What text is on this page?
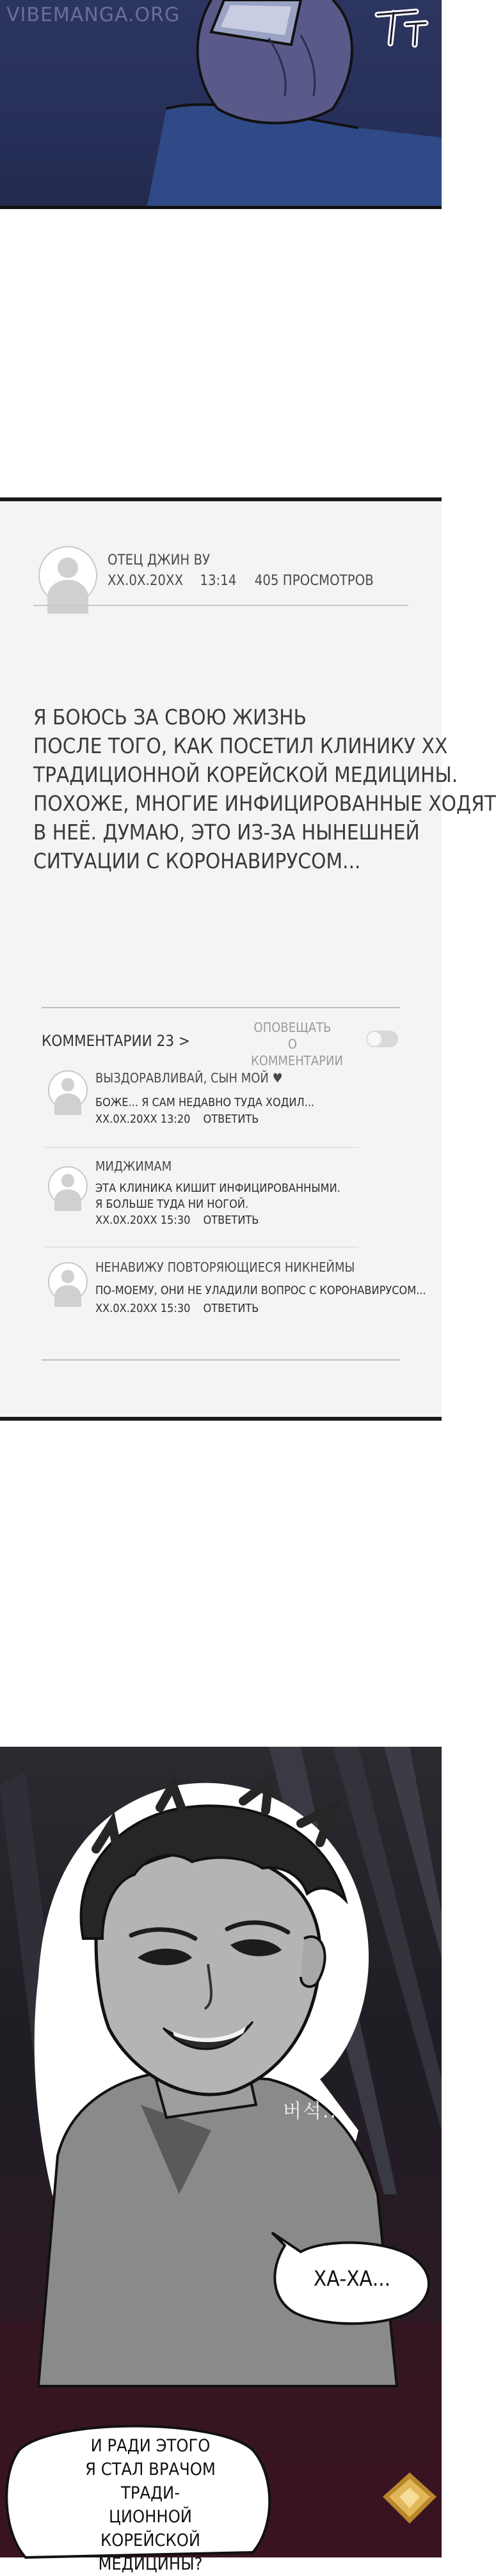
VIBEMANGA.ORG
ОТЕЦ ДЖИН ВУ
XX.0X.20XX 13:14 405 ПРОСМОТРОВ
Я БОЮСЬ ЗА СВОЮ ЖИЗНЬ
ПОСЛЕ ТОГО, КАК ПОСЕТИЛ КЛИНИКУ ХХ
ТРАДИЦИОННОЙ КОРЕЙСКОЙ МЕДИЦИНЫ.
ПОХОЖЕ, МНОГИЕ ИНФИЦИРОВАННЫЕ ХОДЯТ
В НЕЁ. ДУМАЮ, ЭТО ИЗ-ЗА НЫНЕШНЕЙ
СИТУАЦИИ С КОРОНАВИРУСОМ...
КОММЕНТАРИИ 23 >
ОПОВЕЩАТЬ О КОММЕНТАРИИ
ВЫЗДОРАВЛИВАЙ, СЫН МОЙ ♥
БОЖЕ... Я САМ НЕДАВНО ТУДА ХОДИЛ...
XX.0X.20XX 13:20 ОТВЕТИТЬ
МИДЖИМАМ
ЭТА КЛИНИКА КИШИТ ИНФИЦИРОВАННЫМИ.
Я БОЛЬШЕ ТУДА НИ НОГОЙ.
XX.0X.20XX 15:30 ОТВЕТИТЬ
НЕНАВИЖУ ПОВТОРЯЮЩИЕСЯ НИКНЕЙМЫ
ПО-МОЕМУ, ОНИ НЕ УЛАДИЛИ ВОПРОС С КОРОНАВИРУСОМ...
XX.0X.20XX 15:30 ОТВЕТИТЬ
버석..
ХА-ХА...
И РАДИ ЭТОГО
Я СТАЛ ВРАЧОМ ТРАДИ-
ЦИОННОЙ КОРЕЙСКОЙ
МЕДИЦИНЫ?
